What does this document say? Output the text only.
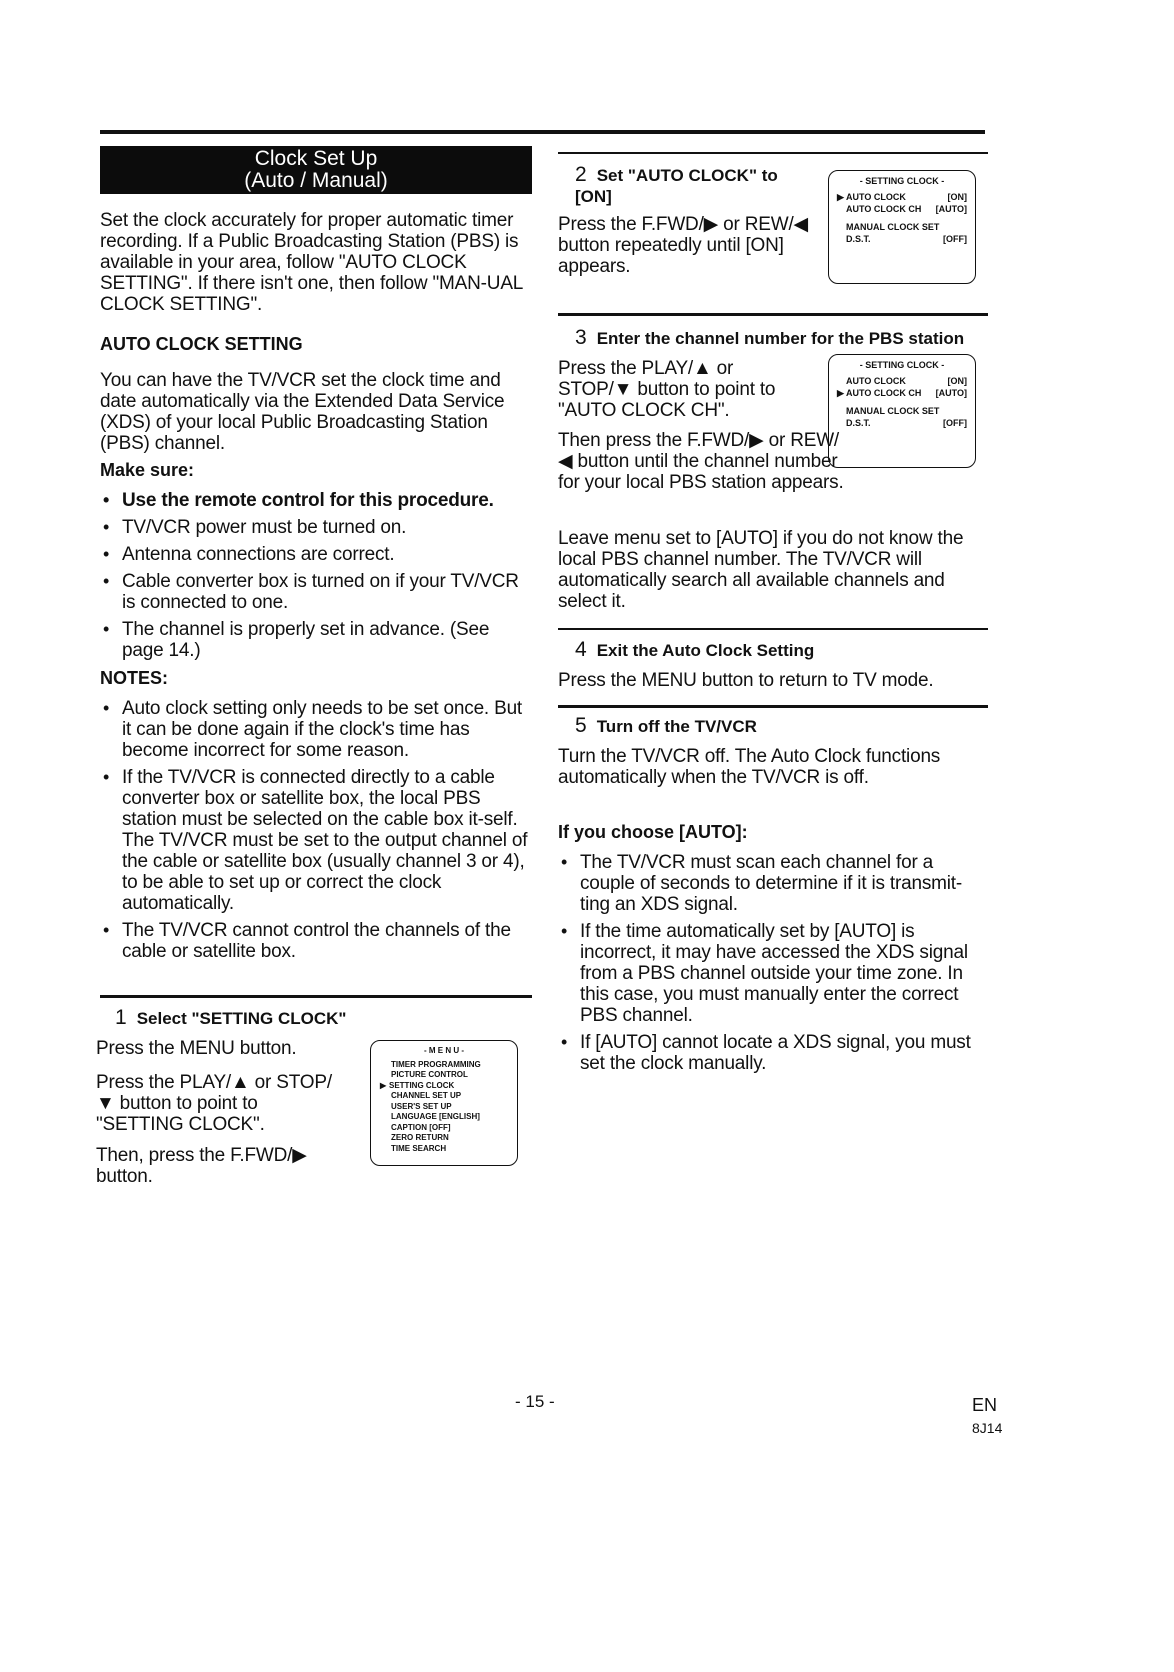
Clock Set Up
(Auto / Manual)

Set the clock accurately for proper automatic timer recording. If a Public Broadcasting Station (PBS) is available in your area, follow "AUTO CLOCK SETTING". If there isn't one, then follow "MAN-UAL CLOCK SETTING".

AUTO CLOCK SETTING

You can have the TV/VCR set the clock time and date automatically via the Extended Data Service (XDS) of your local Public Broadcasting Station (PBS) channel.

Make sure:
• Use the remote control for this procedure.
• TV/VCR power must be turned on.
• Antenna connections are correct.
• Cable converter box is turned on if your TV/VCR is connected to one.
• The channel is properly set in advance. (See page 14.)
NOTES:
• Auto clock setting only needs to be set once. But it can be done again if the clock's time has become incorrect for some reason.
• If the TV/VCR is connected directly to a cable converter box or satellite box, the local PBS station must be selected on the cable box it-self. The TV/VCR must be set to the output channel of the cable or satellite box (usually channel 3 or 4), to be able to set up or correct the clock automatically.
• The TV/VCR cannot control the channels of the cable or satellite box.
1 Select "SETTING CLOCK"

Press the MENU button.

Press the PLAY/▲ or STOP/▼ button to point to "SETTING CLOCK".

Then, press the F.FWD/▶ button.

- M E N U -
TIMER PROGRAMMING
PICTURE CONTROL
▶ SETTING CLOCK
CHANNEL SET UP
USER'S SET UP
LANGUAGE [ENGLISH]
CAPTION [OFF]
ZERO RETURN
TIME SEARCH
2 Set "AUTO CLOCK" to [ON]

Press the F.FWD/▶ or REW/◀ button repeatedly until [ON] appears.

- SETTING CLOCK -
▶ AUTO CLOCK	[ON]
AUTO CLOCK CH [AUTO]
MANUAL CLOCK SET
D.S.T.	[OFF]
3 Enter the channel number for the PBS station

Press the PLAY/▲ or STOP/▼ button to point to "AUTO CLOCK CH".

Then press the F.FWD/▶ or REW/◀ button until the channel number for your local PBS station appears.

Leave menu set to [AUTO] if you do not know the local PBS channel number. The TV/VCR will automatically search all available channels and select it.

- SETTING CLOCK -
AUTO CLOCK	[ON]
▶ AUTO CLOCK CH [AUTO]
MANUAL CLOCK SET
D.S.T.	[OFF]
4 Exit the Auto Clock Setting

Press the MENU button to return to TV mode.

5 Turn off the TV/VCR

Turn the TV/VCR off. The Auto Clock functions automatically when the TV/VCR is off.

If you choose [AUTO]:
• The TV/VCR must scan each channel for a couple of seconds to determine if it is transmit-ting an XDS signal.
• If the time automatically set by [AUTO] is incorrect, it may have accessed the XDS signal from a PBS channel outside your time zone. In this case, you must manually enter the correct PBS channel.
• If [AUTO] cannot locate a XDS signal, you must set the clock manually.
- 15 -	EN
8J14
